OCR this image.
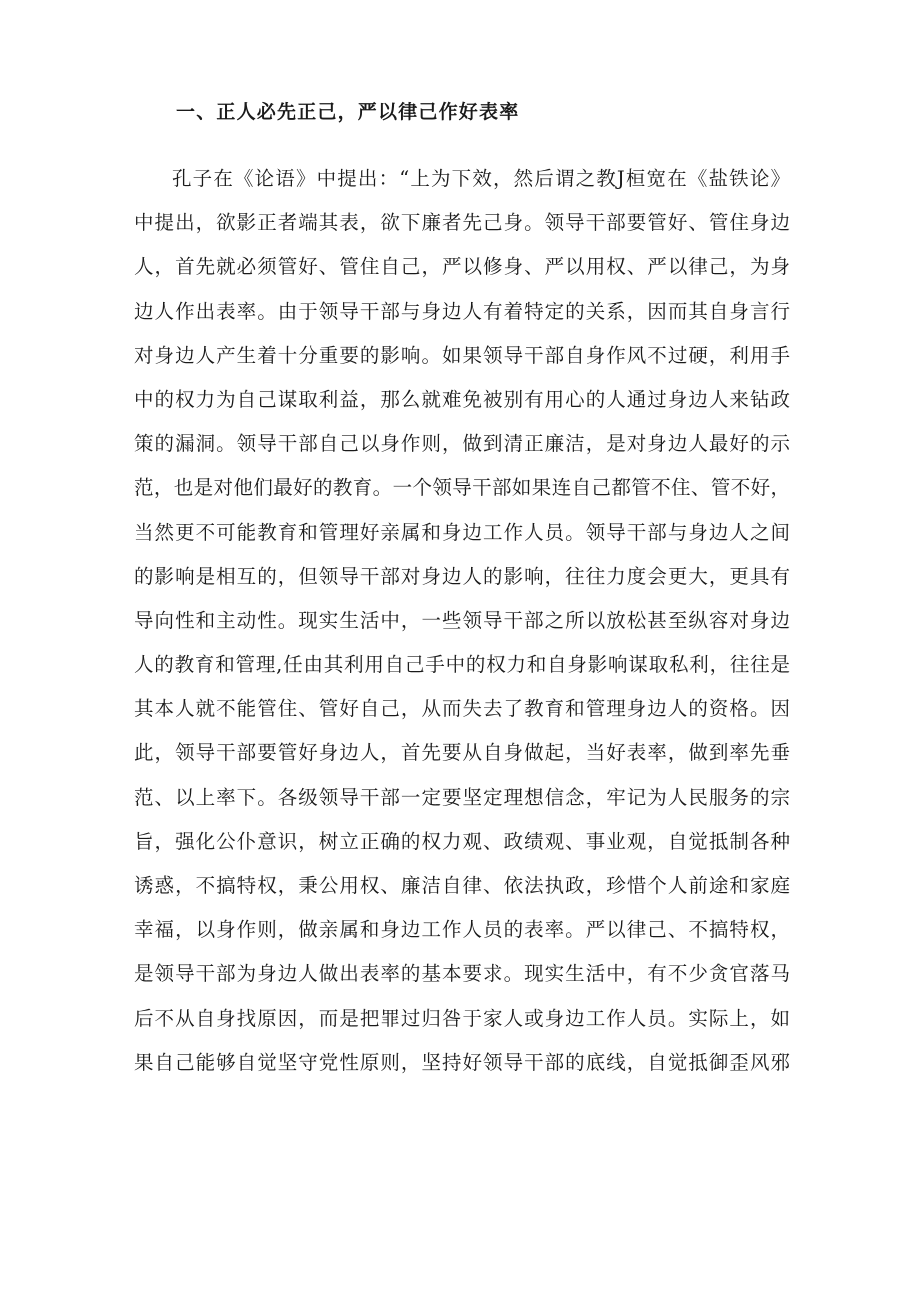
一、正人必先正己，严以律己作好表率
孔子在《论语》中提出：“上为下效，然后谓之教J桓宽在《盐铁论》
中提出，欲影正者端其表，欲下廉者先己身。领导干部要管好、管住身边
人，首先就必须管好、管住自己，严以修身、严以用权、严以律己，为身
边人作出表率。由于领导干部与身边人有着特定的关系，因而其自身言行
对身边人产生着十分重要的影响。如果领导干部自身作风不过硬，利用手
中的权力为自己谋取利益，那么就难免被别有用心的人通过身边人来钻政
策的漏洞。领导干部自己以身作则，做到清正廉洁，是对身边人最好的示
范，也是对他们最好的教育。一个领导干部如果连自己都管不住、管不好，
当然更不可能教育和管理好亲属和身边工作人员。领导干部与身边人之间
的影响是相互的，但领导干部对身边人的影响，往往力度会更大，更具有
导向性和主动性。现实生活中，一些领导干部之所以放松甚至纵容对身边
人的教育和管理,任由其利用自己手中的权力和自身影响谋取私利，往往是
其本人就不能管住、管好自己，从而失去了教育和管理身边人的资格。因
此，领导干部要管好身边人，首先要从自身做起，当好表率，做到率先垂
范、以上率下。各级领导干部一定要坚定理想信念，牢记为人民服务的宗
旨，强化公仆意识，树立正确的权力观、政绩观、事业观，自觉抵制各种
诱惑，不搞特权，秉公用权、廉洁自律、依法执政，珍惜个人前途和家庭
幸福，以身作则，做亲属和身边工作人员的表率。严以律己、不搞特权，
是领导干部为身边人做出表率的基本要求。现实生活中，有不少贪官落马
后不从自身找原因，而是把罪过归咎于家人或身边工作人员。实际上，如
果自己能够自觉坚守党性原则，坚持好领导干部的底线，自觉抵御歪风邪
